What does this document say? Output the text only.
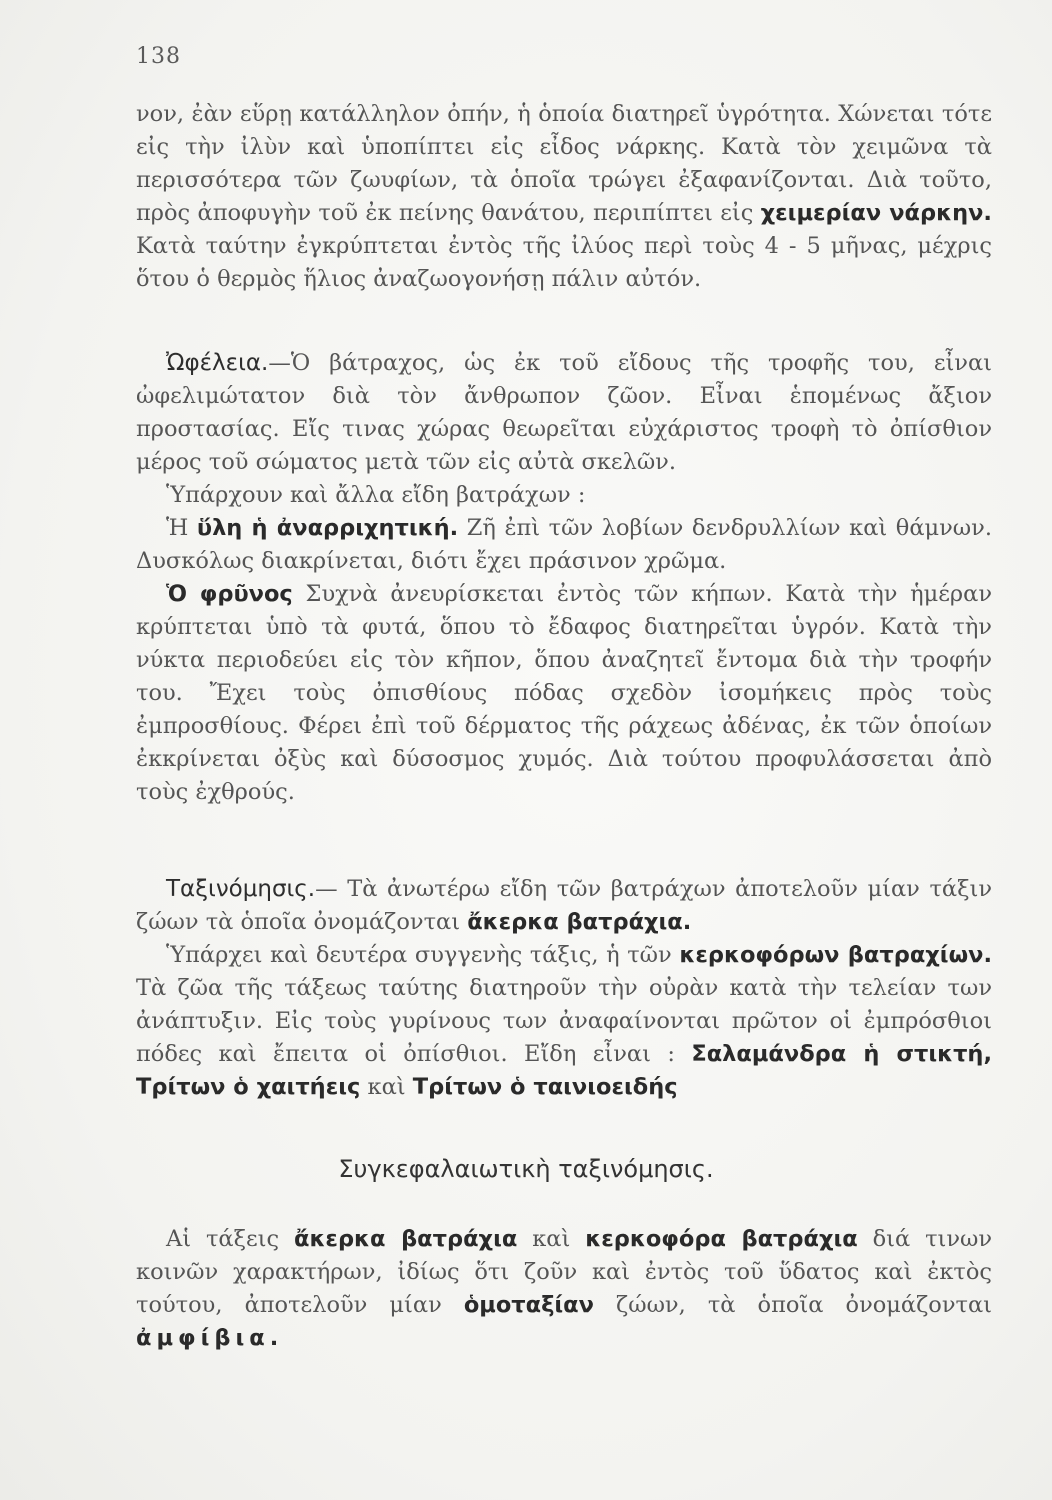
138

νον, ἐὰν εὕρῃ κατάλληλον ὀπήν, ἡ ὁποία διατηρεῖ ὑγρότητα. Χώνεται τότε εἰς τὴν ἰλὺν καὶ ὑποπίπτει εἰς εἶδος νάρκης. Κατὰ τὸν χειμῶνα τὰ περισσότερα τῶν ζωυφίων, τὰ ὁποῖα τρώγει ἐξαφανίζονται. Διὰ τοῦτο, πρὸς ἀποφυγὴν τοῦ ἐκ πείνης θανάτου, περιπίπτει εἰς χειμερίαν νάρκην. Κατὰ ταύτην ἐγκρύπτεται ἐντὸς τῆς ἰλύος περὶ τοὺς 4 - 5 μῆνας, μέχρις ὅτου ὁ θερμὸς ἥλιος ἀναζωογονήσῃ πάλιν αὐτόν.

Ὠφέλεια.—Ὁ βάτραχος, ὡς ἐκ τοῦ εἴδους τῆς τροφῆς του, εἶναι ὠφελιμώτατον διὰ τὸν ἄνθρωπον ζῶον. Εἶναι ἑπομένως ἄξιον προστασίας. Εἴς τινας χώρας θεωρεῖται εὐχάριστος τροφὴ τὸ ὀπίσθιον μέρος τοῦ σώματος μετὰ τῶν εἰς αὐτὰ σκελῶν.

Ὑπάρχουν καὶ ἄλλα εἴδη βατράχων :

Ἡ ὕλη ἡ ἀναρριχητική. Ζῆ ἐπὶ τῶν λοβίων δενδρυλλίων καὶ θάμνων. Δυσκόλως διακρίνεται, διότι ἔχει πράσινον χρῶμα.

Ὁ φρῦνος Συχνὰ ἀνευρίσκεται ἐντὸς τῶν κήπων. Κατὰ τὴν ἡμέραν κρύπτεται ὑπὸ τὰ φυτά, ὅπου τὸ ἔδαφος διατηρεῖται ὑγρόν. Κατὰ τὴν νύκτα περιοδεύει εἰς τὸν κῆπον, ὅπου ἀναζητεῖ ἔντομα διὰ τὴν τροφήν του. Ἔχει τοὺς ὀπισθίους πόδας σχεδὸν ἰσομήκεις πρὸς τοὺς ἐμπροσθίους. Φέρει ἐπὶ τοῦ δέρματος τῆς ράχεως ἀδένας, ἐκ τῶν ὁποίων ἐκκρίνεται ὀξὺς καὶ δύσοσμος χυμός. Διὰ τούτου προφυλάσσεται ἀπὸ τοὺς ἐχθρούς.

Ταξινόμησις.— Τὰ ἀνωτέρω εἴδη τῶν βατράχων ἀποτελοῦν μίαν τάξιν ζώων τὰ ὁποῖα ὀνομάζονται ἄκερκα βατράχια.

Ὑπάρχει καὶ δευτέρα συγγενὴς τάξις, ἡ τῶν κερκοφόρων βατραχίων. Τὰ ζῶα τῆς τάξεως ταύτης διατηροῦν τὴν οὐρὰν κατὰ τὴν τελείαν των ἀνάπτυξιν. Εἰς τοὺς γυρίνους των ἀναφαίνονται πρῶτον οἱ ἐμπρόσθιοι πόδες καὶ ἔπειτα οἱ ὀπίσθιοι. Εἴδη εἶναι : Σαλαμάνδρα ἡ στικτή, Τρίτων ὁ χαιτήεις καὶ Τρίτων ὁ ταινιοειδής

Συγκεφαλαιωτικὴ ταξινόμησις.

Αἱ τάξεις ἄκερκα βατράχια καὶ κερκοφόρα βατράχια διά τινων κοινῶν χαρακτήρων, ἰδίως ὅτι ζοῦν καὶ ἐντὸς τοῦ ὕδατος καὶ ἐκτὸς τούτου, ἀποτελοῦν μίαν ὁμοταξίαν ζώων, τὰ ὁποῖα ὀνομάζονται ἀμφίβια.
